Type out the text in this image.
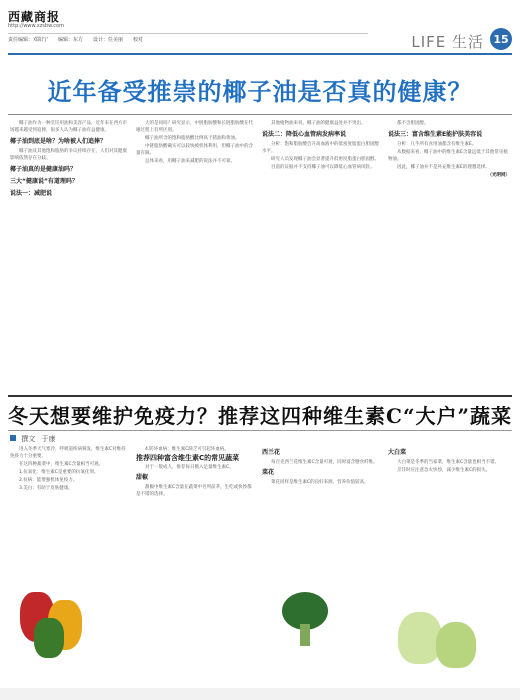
西藏商报
http://www.xzsbw.com
责任编辑：邓阳宁 编辑：东方 设计：任美丽 校对	LIFE 生活 15
近年备受推崇的椰子油是否真的健康？

椰子油作为一种烹饪用油和美容产品，近年来在西方市场越来越受到追捧，很多人认为椰子油有益健康。

椰子油到底是啥？为啥被人们追捧？

椰子油及其他饱和脂肪的争议持续存在，人们对其健康影响依然存在分歧。

椰子油真的是健康油吗？
三大“健康说”有道理吗？
说法一：减肥说

大的是同吗？研究显示，中链脂肪酸和长链脂肪酸在代谢过程上有所区别。

椰子油所含的饱和脂肪酸比例高于猪油和黄油。

中链脂肪酸确实可以较快被机体利用，但椰子油中的含量有限。

总体来看，用椰子油来减肥的说法并不可靠。

其他植物油来说，椰子油的健康益处并不突出。

说法二：降低心血管病发病率说

分析：饱和脂肪酸会升高血液中的低密度脂蛋白胆固醇水平。

研究人员发现椰子油会显著提升低密度脂蛋白胆固醇。

目前的证据并不支持椰子油可以降低心血管病风险。

都不含胆固醇。

说法三：富含维生素E能护肤美容说

分析：几乎所有食用油都含有维生素E。

从数据来看，椰子油中的维生素E含量远低于其他常见植物油。

因此，椰子油并不是补充维生素E的理想选择。

（光明网）

冬天想要维护免疫力？推荐这四种维生素C“大户”蔬菜
撰文 于康

进入冬季天气寒冷，呼吸道疾病频发，维生素C对维持免疫力十分重要。

在这四种蔬菜中，维生素C含量相当可观。

1.抗氧化：维生素C是重要的抗氧化剂。

2.抗病：能增强机体免疫力。

3.美白：有助于皮肤健康。

4.防坏血病：维生素C缺乏可引起坏血病。

推荐四种富含维生素C的常见蔬菜

对于一般成人，推荐每日摄入足量维生素C。

甜椒

甜椒中维生素C含量在蔬菜中名列前茅，生吃或快炒都是不错的选择。

西兰花

每百克西兰花维生素C含量可观，同时富含膳食纤维。

菜花

菜花同样是维生素C的良好来源，营养价值较高。

大白菜

大白菜是冬季的当家菜，维生素C含量也相当不错。

烹饪时应注意急火快炒，减少维生素C的损失。
